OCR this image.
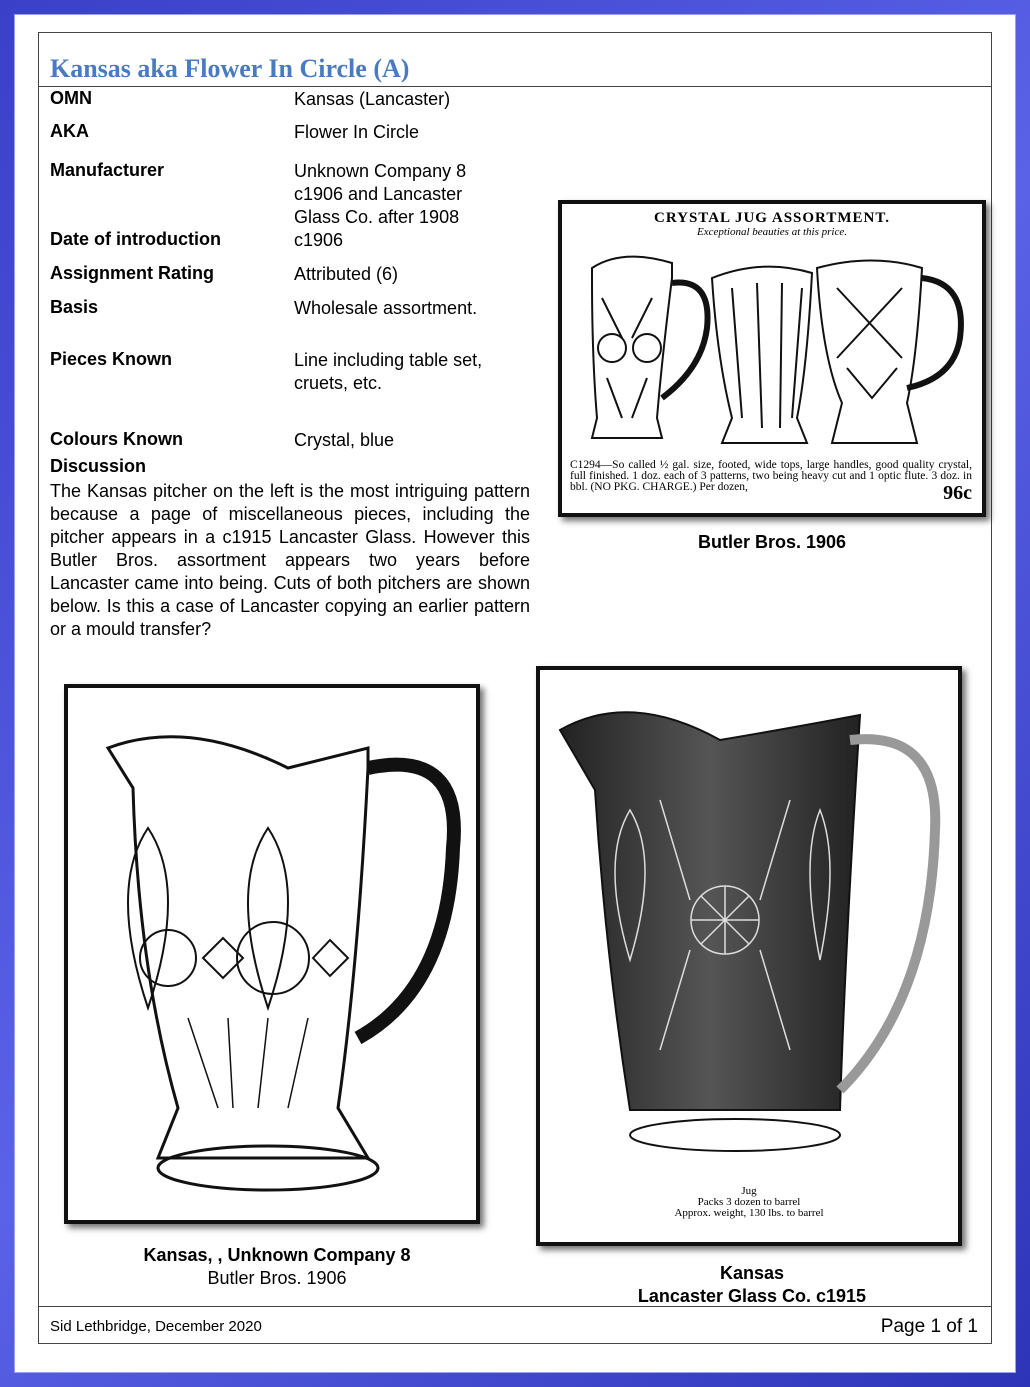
Kansas aka Flower In Circle (A)
OMN	Kansas (Lancaster)
AKA	Flower In Circle
Manufacturer	Unknown Company 8
c1906 and Lancaster
Glass Co. after 1908
Date of introduction	c1906
Assignment Rating	Attributed (6)
Basis	Wholesale assortment.
Pieces Known	Line including table set,
cruets, etc.
Colours Known	Crystal, blue
Discussion
The Kansas pitcher on the left is the most intriguing pattern because a page of miscellaneous pieces, including the pitcher appears in a c1915 Lancaster Glass. However this Butler Bros. assortment appears two years before Lancaster came into being. Cuts of both pitchers are shown below. Is this a case of Lancaster copying an earlier pattern or a mould transfer?
CRYSTAL JUG ASSORTMENT.
Exceptional beauties at this price.
C1294—So called ½ gal. size, footed, wide tops, large handles, good quality crystal, full finished. 1 doz. each of 3 patterns, two being heavy cut and 1 optic flute. 3 doz. in bbl. (NO PKG. CHARGE.) Per dozen,	96c
Butler Bros. 1906
Kansas, , Unknown Company 8
Butler Bros. 1906
Jug
Packs 3 dozen to barrel
Approx. weight, 130 lbs. to barrel
Kansas
Lancaster Glass Co. c1915
Sid Lethbridge, December 2020	Page 1 of 1
